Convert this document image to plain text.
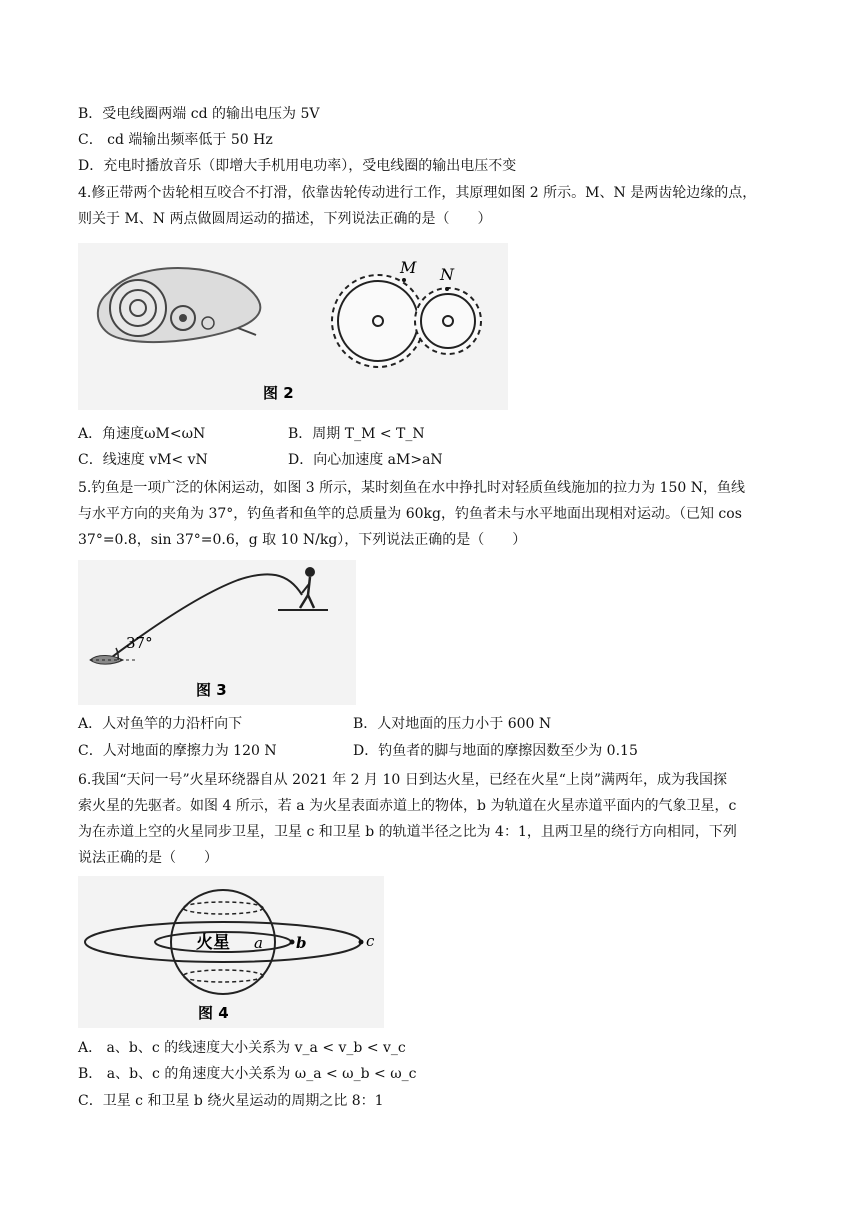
B．受电线圈两端 cd 的输出电压为 5V
C． cd 端输出频率低于 50 Hz
D．充电时播放音乐（即增大手机用电功率），受电线圈的输出电压不变
4.修正带两个齿轮相互咬合不打滑，依靠齿轮传动进行工作，其原理如图 2 所示。M、N 是两齿轮边缘的点，
则关于 M、N 两点做圆周运动的描述，下列说法正确的是（　　）
M N
图 2
A．角速度ωM<ωN	B．周期 T_M < T_N
C．线速度 vM< vN	D．向心加速度 aM>aN
5.钓鱼是一项广泛的休闲运动，如图 3 所示，某时刻鱼在水中挣扎时对轻质鱼线施加的拉力为 150 N，鱼线
与水平方向的夹角为 37°，钓鱼者和鱼竿的总质量为 60kg，钓鱼者未与水平地面出现相对运动。（已知 cos
37°=0.8，sin 37°=0.6，g 取 10 N/kg），下列说法正确的是（　　）
37°
图 3
A．人对鱼竿的力沿杆向下	B．人对地面的压力小于 600 N
C．人对地面的摩擦力为 120 N	D．钓鱼者的脚与地面的摩擦因数至少为 0.15
6.我国“天问一号”火星环绕器自从 2021 年 2 月 10 日到达火星，已经在火星“上岗”满两年，成为我国探
索火星的先驱者。如图 4 所示，若 a 为火星表面赤道上的物体，b 为轨道在火星赤道平面内的气象卫星，c
为在赤道上空的火星同步卫星，卫星 c 和卫星 b 的轨道半径之比为 4：1，且两卫星的绕行方向相同，下列
说法正确的是（　　）
火星 a b	c
图 4
A． a、b、c 的线速度大小关系为 v_a < v_b < v_c
B． a、b、c 的角速度大小关系为 ω_a < ω_b < ω_c
C．卫星 c 和卫星 b 绕火星运动的周期之比 8：1
